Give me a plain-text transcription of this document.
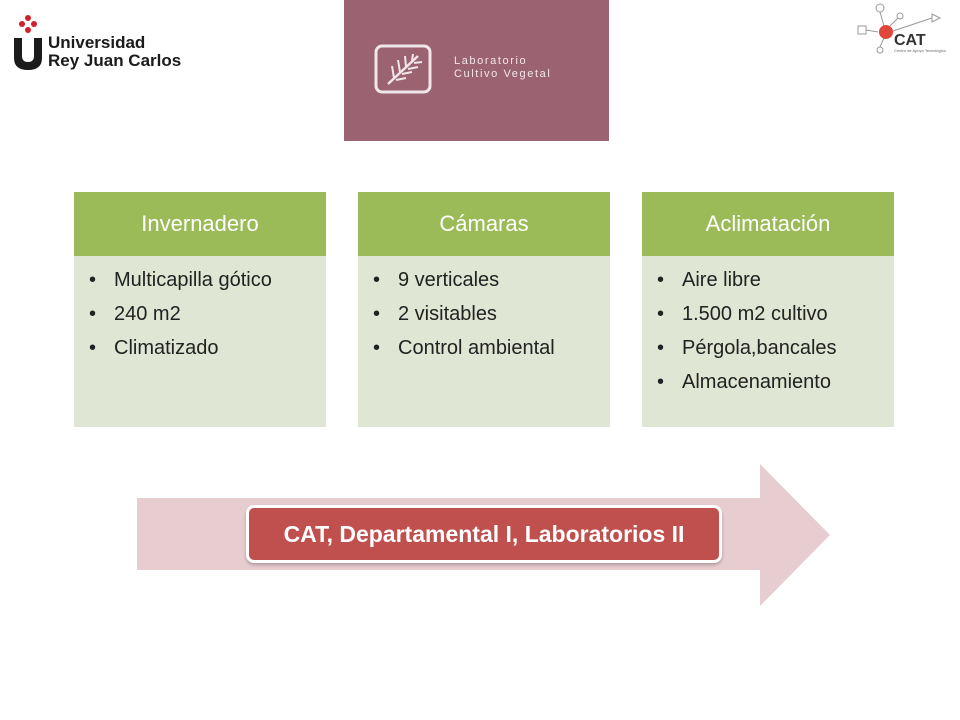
Universidad
Rey Juan Carlos	Laboratorio
Cultivo Vegetal
CAT
Centro de Apoyo Tecnológico
Invernadero
• Multicapilla gótico
• 240 m2
• Climatizado
Cámaras
• 9 verticales
• 2 visitables
• Control ambiental
Aclimatación
• Aire libre
• 1.500 m2 cultivo
• Pérgola,bancales
• Almacenamiento
CAT, Departamental I, Laboratorios II
